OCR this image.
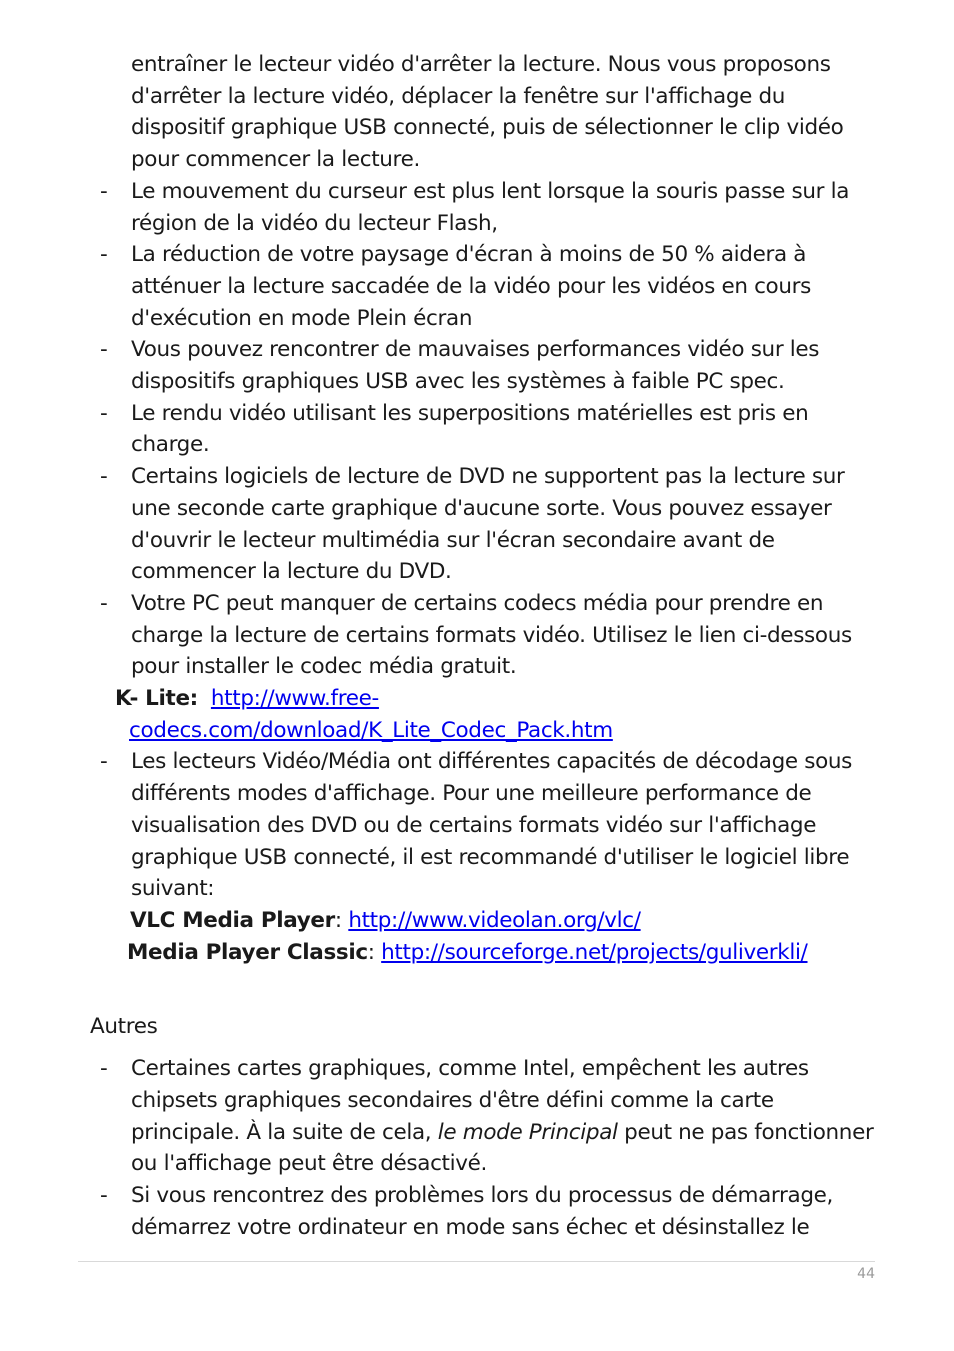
entraîner le lecteur vidéo d'arrêter la lecture. Nous vous proposons d'arrêter la lecture vidéo, déplacer la fenêtre sur l'affichage du dispositif graphique USB connecté, puis de sélectionner le clip vidéo pour commencer la lecture.
- Le mouvement du curseur est plus lent lorsque la souris passe sur la région de la vidéo du lecteur Flash,
- La réduction de votre paysage d'écran à moins de 50 % aidera à atténuer la lecture saccadée de la vidéo pour les vidéos en cours d'exécution en mode Plein écran
- Vous pouvez rencontrer de mauvaises performances vidéo sur les dispositifs graphiques USB avec les systèmes à faible PC spec.
- Le rendu vidéo utilisant les superpositions matérielles est pris en charge.
- Certains logiciels de lecture de DVD ne supportent pas la lecture sur une seconde carte graphique d'aucune sorte. Vous pouvez essayer d'ouvrir le lecteur multimédia sur l'écran secondaire avant de commencer la lecture du DVD.
- Votre PC peut manquer de certains codecs média pour prendre en charge la lecture de certains formats vidéo. Utilisez le lien ci-dessous pour installer le codec média gratuit.
K- Lite: http://www.free-
codecs.com/download/K_Lite_Codec_Pack.htm
- Les lecteurs Vidéo/Média ont différentes capacités de décodage sous différents modes d'affichage. Pour une meilleure performance de visualisation des DVD ou de certains formats vidéo sur l'affichage graphique USB connecté, il est recommandé d'utiliser le logiciel libre suivant:
VLC Media Player: http://www.videolan.org/vlc/
Media Player Classic: http://sourceforge.net/projects/guliverkli/
Autres
- Certaines cartes graphiques, comme Intel, empêchent les autres chipsets graphiques secondaires d'être défini comme la carte principale. À la suite de cela, le mode Principal peut ne pas fonctionner ou l'affichage peut être désactivé.
- Si vous rencontrez des problèmes lors du processus de démarrage, démarrez votre ordinateur en mode sans échec et désinstallez le
44
